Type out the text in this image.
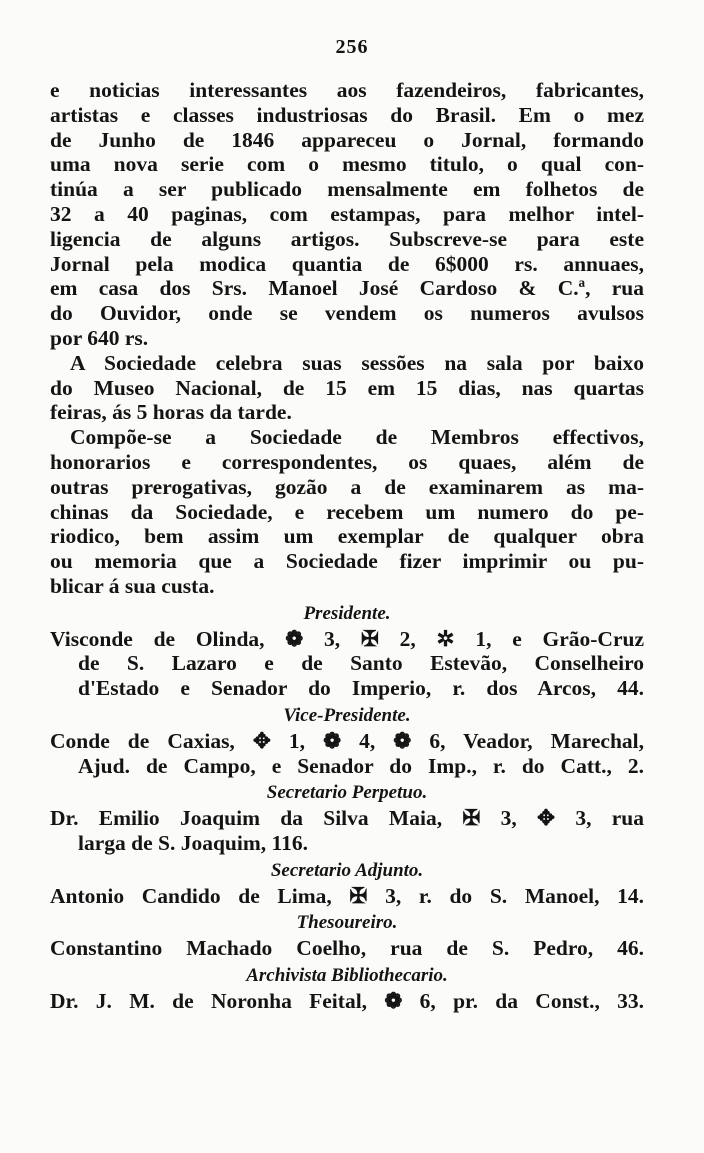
256
e noticias interessantes aos fazendeiros, fabricantes,
artistas e classes industriosas do Brasil. Em o mez
de Junho de 1846 appareceu o Jornal, formando
uma nova serie com o mesmo titulo, o qual con-
tinúa a ser publicado mensalmente em folhetos de
32 a 40 paginas, com estampas, para melhor intel-
ligencia de alguns artigos. Subscreve-se para este
Jornal pela modica quantia de 6$000 rs. annuaes,
em casa dos Srs. Manoel José Cardoso & C.ª, rua
do Ouvidor, onde se vendem os numeros avulsos
por 640 rs.
A Sociedade celebra suas sessões na sala por baixo
do Museo Nacional, de 15 em 15 dias, nas quartas
feiras, ás 5 horas da tarde.
Compõe-se a Sociedade de Membros effectivos,
honorarios e correspondentes, os quaes, além de
outras prerogativas, gozão a de examinarem as ma-
chinas da Sociedade, e recebem um numero do pe-
riodico, bem assim um exemplar de qualquer obra
ou memoria que a Sociedade fizer imprimir ou pu-
blicar á sua custa.
Presidente.
Visconde de Olinda, ❁ 3, ✠ 2, ✲ 1, e Grão-Cruz
de S. Lazaro e de Santo Estevão, Conselheiro
d'Estado e Senador do Imperio, r. dos Arcos, 44.
Vice-Presidente.
Conde de Caxias, ✥ 1, ❁ 4, ❁ 6, Veador, Marechal,
Ajud. de Campo, e Senador do Imp., r. do Catt., 2.
Secretario Perpetuo.
Dr. Emilio Joaquim da Silva Maia, ✠ 3, ✥ 3, rua
larga de S. Joaquim, 116.
Secretario Adjunto.
Antonio Candido de Lima, ✠ 3, r. do S. Manoel, 14.
Thesoureiro.
Constantino Machado Coelho, rua de S. Pedro, 46.
Archivista Bibliothecario.
Dr. J. M. de Noronha Feital, ❁ 6, pr. da Const., 33.
